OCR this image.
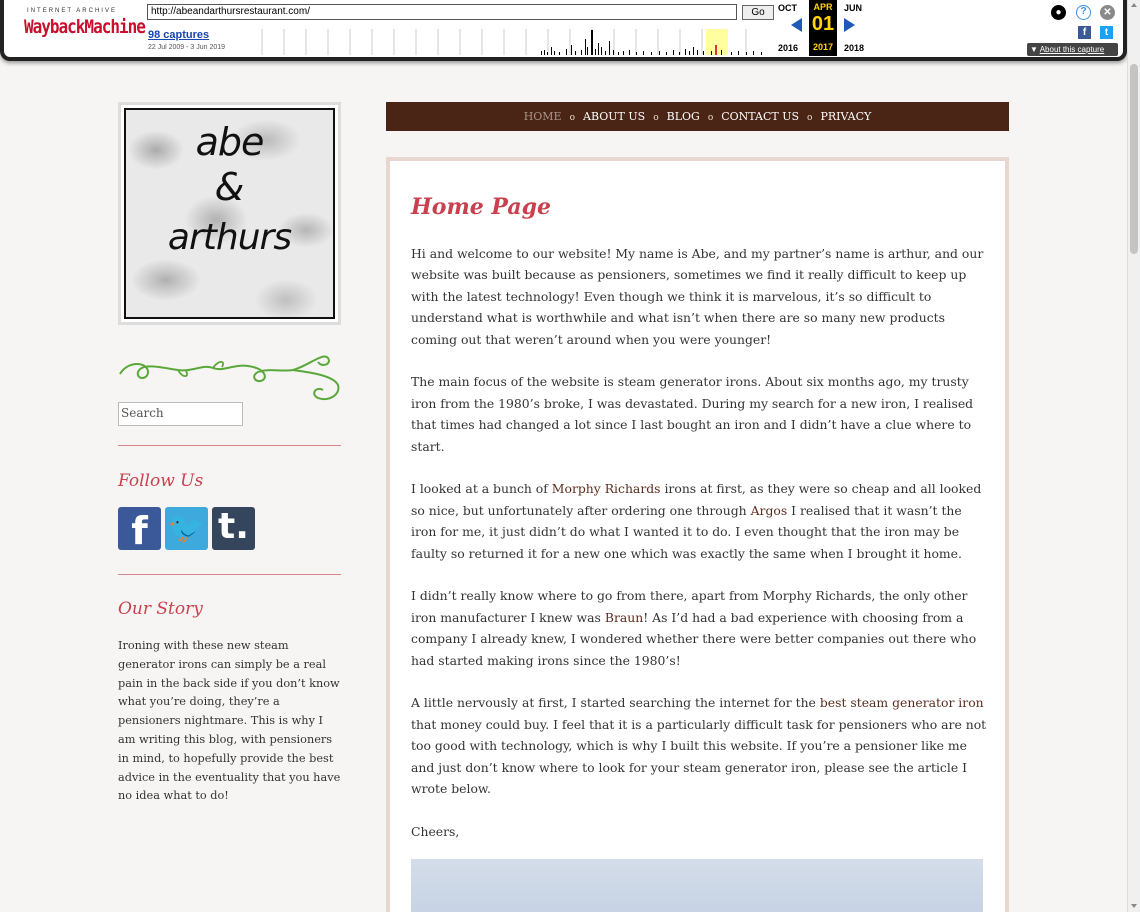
INTERNET ARCHIVE
WaybackMachine
http://abeandarthursrestaurant.com/	Go
98 captures
22 Jul 2009 - 3 Jun 2019
OCT
2016
APR
01
2017
JUN
2018
●	?	✕
f	t
▼ About this capture
abe
&
arthurs
Search
Follow Us
f 🐦 t.
Our Story
Ironing with these new steam generator irons can simply be a real pain in the back side if you don’t know what you’re doing, they’re a pensioners nightmare. This is why I am writing this blog, with pensioners in mind, to hopefully provide the best advice in the eventuality that you have no idea what to do!
HOME o ABOUT US o BLOG o CONTACT US o PRIVACY
Home Page

Hi and welcome to our website! My name is Abe, and my partner’s name is arthur, and our website was built because as pensioners, sometimes we find it really difficult to keep up with the latest technology! Even though we think it is marvelous, it’s so difficult to understand what is worthwhile and what isn’t when there are so many new products coming out that weren’t around when you were younger!

The main focus of the website is steam generator irons. About six months ago, my trusty iron from the 1980’s broke, I was devastated. During my search for a new iron, I realised that times had changed a lot since I last bought an iron and I didn’t have a clue where to start.

I looked at a bunch of Morphy Richards irons at first, as they were so cheap and all looked so nice, but unfortunately after ordering one through Argos I realised that it wasn’t the iron for me, it just didn’t do what I wanted it to do. I even thought that the iron may be faulty so returned it for a new one which was exactly the same when I brought it home.

I didn’t really know where to go from there, apart from Morphy Richards, the only other iron manufacturer I knew was Braun! As I’d had a bad experience with choosing from a company I already knew, I wondered whether there were better companies out there who had started making irons since the 1980’s!

A little nervously at first, I started searching the internet for the best steam generator iron that money could buy. I feel that it is a particularly difficult task for pensioners who are not too good with technology, which is why I built this website. If you’re a pensioner like me and just don’t know where to look for your steam generator iron, please see the article I wrote below.

Cheers,
